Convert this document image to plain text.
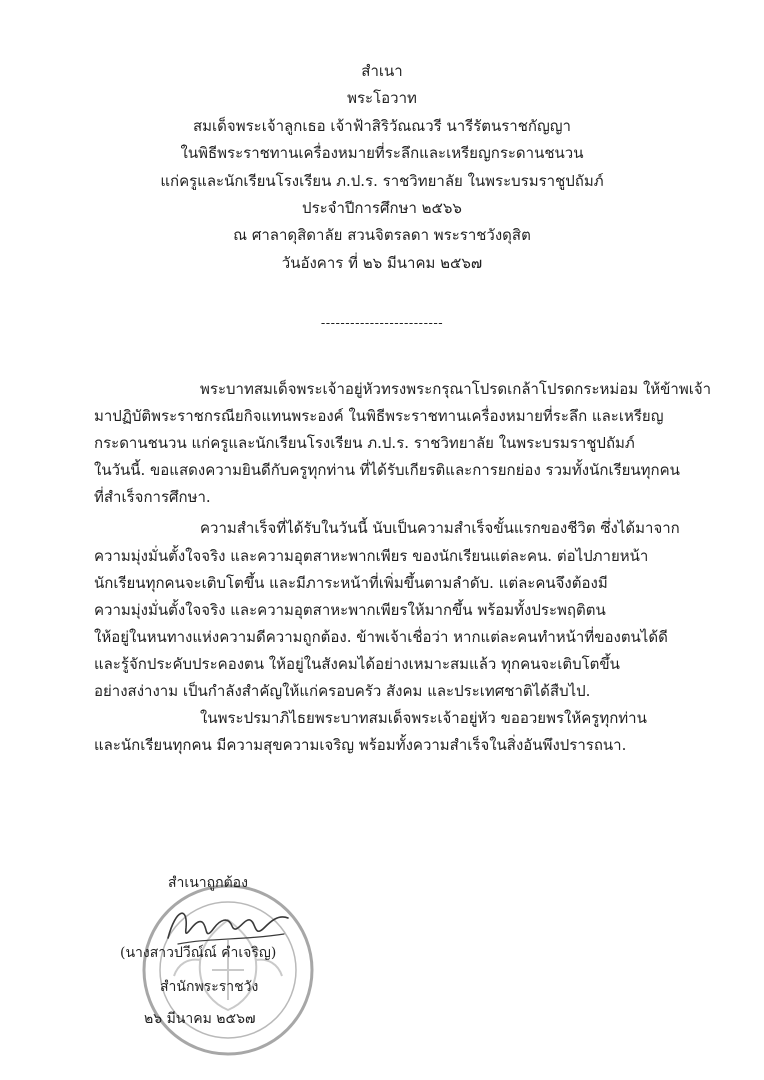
สำเนา
พระโอวาท
สมเด็จพระเจ้าลูกเธอ เจ้าฟ้าสิริวัณณวรี นารีรัตนราชกัญญา
ในพิธีพระราชทานเครื่องหมายที่ระลึกและเหรียญกระดานชนวน
แก่ครูและนักเรียนโรงเรียน ภ.ป.ร. ราชวิทยาลัย ในพระบรมราชูปถัมภ์
ประจำปีการศึกษา ๒๕๖๖
ณ ศาลาดุสิดาลัย สวนจิตรลดา พระราชวังดุสิต
วันอังคาร ที่ ๒๖ มีนาคม ๒๕๖๗
-------------------------
พระบาทสมเด็จพระเจ้าอยู่หัวทรงพระกรุณาโปรดเกล้าโปรดกระหม่อม ให้ข้าพเจ้า
มาปฏิบัติพระราชกรณียกิจแทนพระองค์ ในพิธีพระราชทานเครื่องหมายที่ระลึก และเหรียญ
กระดานชนวน แก่ครูและนักเรียนโรงเรียน ภ.ป.ร. ราชวิทยาลัย ในพระบรมราชูปถัมภ์
ในวันนี้. ขอแสดงความยินดีกับครูทุกท่าน ที่ได้รับเกียรติและการยกย่อง รวมทั้งนักเรียนทุกคน
ที่สำเร็จการศึกษา.
ความสำเร็จที่ได้รับในวันนี้ นับเป็นความสำเร็จขั้นแรกของชีวิต ซึ่งได้มาจาก
ความมุ่งมั่นตั้งใจจริง และความอุตสาหะพากเพียร ของนักเรียนแต่ละคน. ต่อไปภายหน้า
นักเรียนทุกคนจะเติบโตขึ้น และมีภาระหน้าที่เพิ่มขึ้นตามลำดับ. แต่ละคนจึงต้องมี
ความมุ่งมั่นตั้งใจจริง และความอุตสาหะพากเพียรให้มากขึ้น พร้อมทั้งประพฤติตน
ให้อยู่ในหนทางแห่งความดีความถูกต้อง. ข้าพเจ้าเชื่อว่า หากแต่ละคนทำหน้าที่ของตนได้ดี
และรู้จักประคับประคองตน ให้อยู่ในสังคมได้อย่างเหมาะสมแล้ว ทุกคนจะเติบโตขึ้น
อย่างสง่างาม เป็นกำลังสำคัญให้แก่ครอบครัว สังคม และประเทศชาติได้สืบไป.
ในพระปรมาภิไธยพระบาทสมเด็จพระเจ้าอยู่หัว ขออวยพรให้ครูทุกท่าน
และนักเรียนทุกคน มีความสุขความเจริญ พร้อมทั้งความสำเร็จในสิ่งอันพึงปรารถนา.
สำเนาถูกต้อง
(นางสาวปวีณ์ณ์ คำเจริญ)
สำนักพระราชวัง
๒๖ มีนาคม ๒๕๖๗
